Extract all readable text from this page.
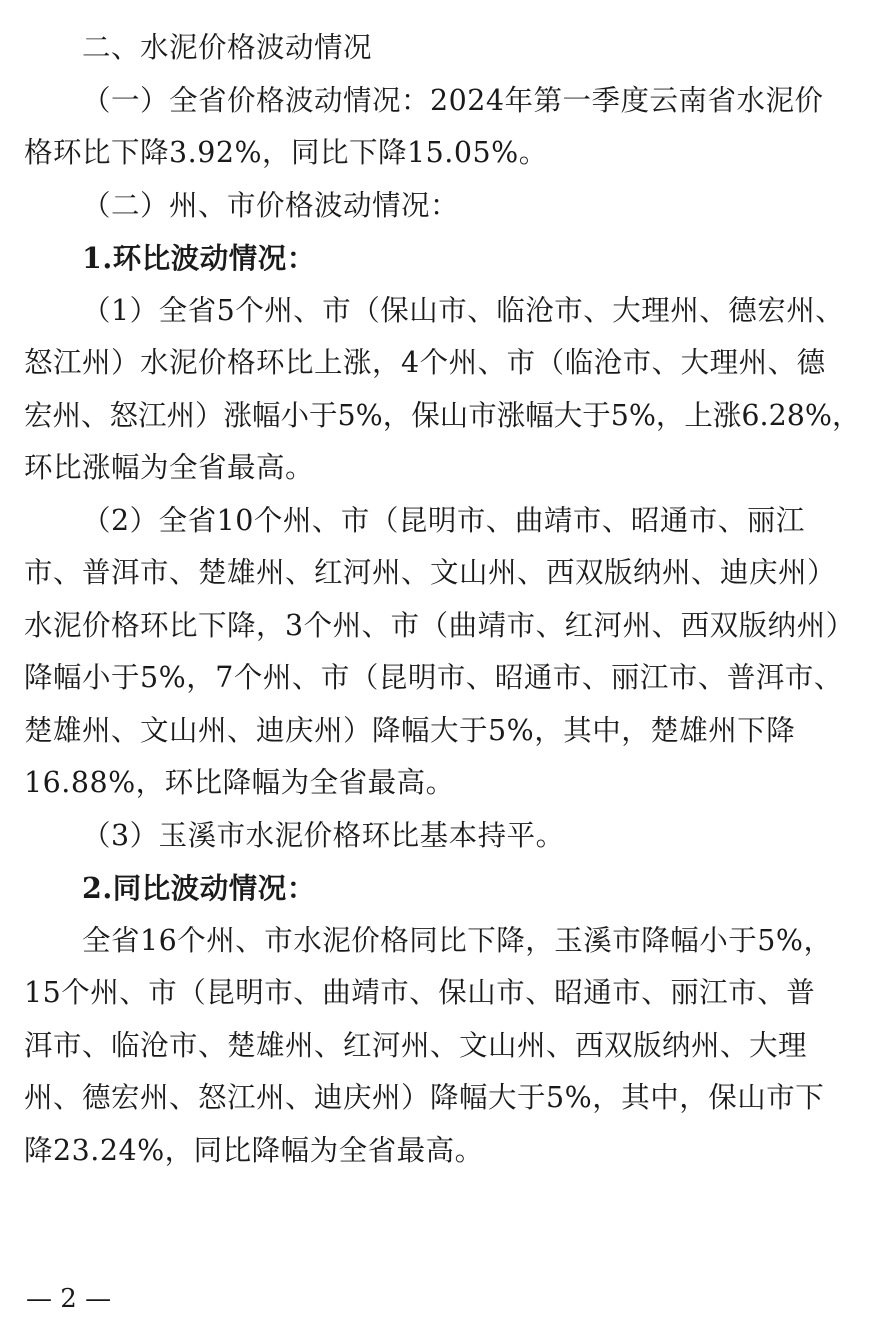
二、水泥价格波动情况
（一）全省价格波动情况：2024年第一季度云南省水泥价
格环比下降3.92%，同比下降15.05%。
（二）州、市价格波动情况：
1.环比波动情况：
（1）全省5个州、市（保山市、临沧市、大理州、德宏州、
怒江州）水泥价格环比上涨，4个州、市（临沧市、大理州、德
宏州、怒江州）涨幅小于5%，保山市涨幅大于5%，上涨6.28%，
环比涨幅为全省最高。
（2）全省10个州、市（昆明市、曲靖市、昭通市、丽江
市、普洱市、楚雄州、红河州、文山州、西双版纳州、迪庆州）
水泥价格环比下降，3个州、市（曲靖市、红河州、西双版纳州）
降幅小于5%，7个州、市（昆明市、昭通市、丽江市、普洱市、
楚雄州、文山州、迪庆州）降幅大于5%，其中，楚雄州下降
16.88%，环比降幅为全省最高。
（3）玉溪市水泥价格环比基本持平。
2.同比波动情况：
全省16个州、市水泥价格同比下降，玉溪市降幅小于5%，
15个州、市（昆明市、曲靖市、保山市、昭通市、丽江市、普
洱市、临沧市、楚雄州、红河州、文山州、西双版纳州、大理
州、德宏州、怒江州、迪庆州）降幅大于5%，其中，保山市下
降23.24%，同比降幅为全省最高。
— 2 —
